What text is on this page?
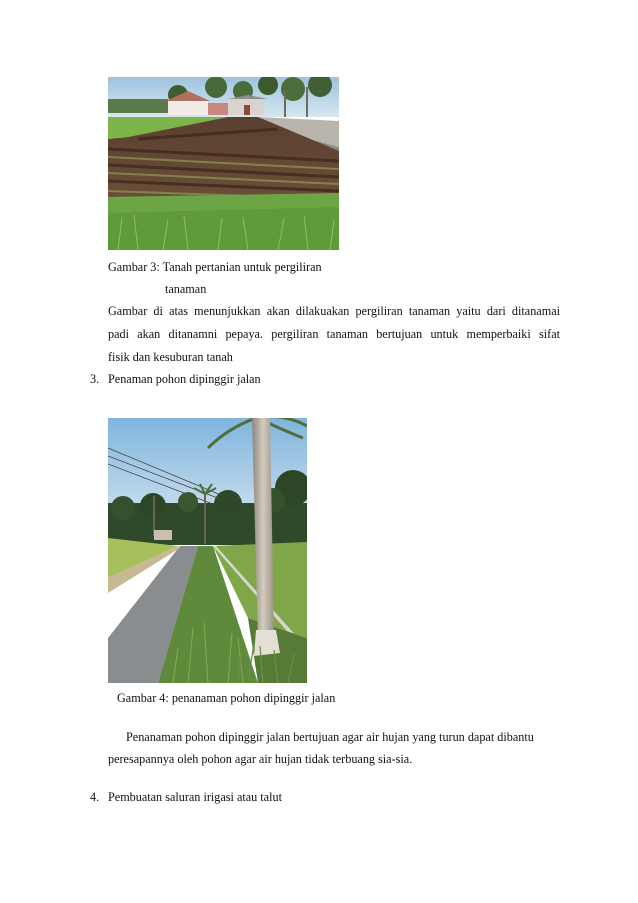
Gambar 3: Tanah pertanian untuk pergiliran
tanaman
Gambar di atas menunjukkan akan dilakuakan pergiliran tanaman yaitu dari ditanamai
padi akan ditanamni pepaya. pergiliran tanaman bertujuan untuk memperbaiki sifat
fisik dan kesuburan tanah
3. Penaman pohon dipinggir jalan
Gambar 4: penanaman pohon dipinggir jalan
Penanaman pohon dipinggir jalan bertujuan agar air hujan yang turun dapat dibantu
peresapannya oleh pohon agar air hujan tidak terbuang sia-sia.
4. Pembuatan saluran irigasi atau talut
